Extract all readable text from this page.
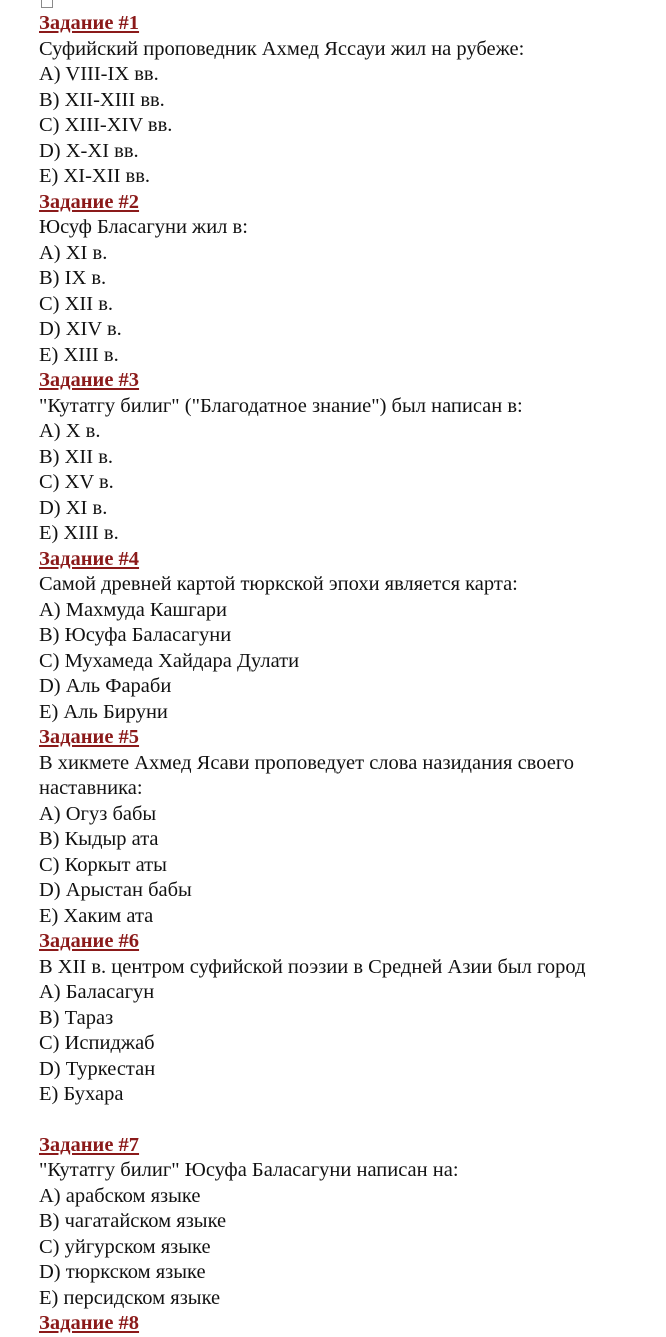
Задание #1
Суфийский проповедник Ахмед Яссауи жил на рубеже:
A) VIII-IX вв.
B) XII-XIII вв.
C) XIII-XIV вв.
D) X-XI вв.
E) XI-XII вв.
Задание #2
Юсуф Бласагуни жил в:
A) XI в.
B) IX в.
C) XII в.
D) XIV в.
E) XIII в.
Задание #3
"Кутатгу билиг" ("Благодатное знание") был написан в:
A) X в.
B) XII в.
C) XV в.
D) XI в.
E) XIII в.
Задание #4
Самой древней картой тюркской эпохи является карта:
A) Махмуда Кашгари
B) Юсуфа Баласагуни
C) Мухамеда Хайдара Дулати
D) Аль Фараби
E) Аль Бируни
Задание #5
В хикмете Ахмед Ясави проповедует слова назидания своего наставника:
A) Огуз бабы
B) Кыдыр ата
C) Коркыт аты
D) Арыстан бабы
E) Хаким ата
Задание #6
В XII в. центром суфийской поэзии в Средней Азии был город
A) Баласагун
B) Тараз
C) Испиджаб
D) Туркестан
E) Бухара
Задание #7
"Кутатгу билиг" Юсуфа Баласагуни написан на:
A) арабском языке
B) чагатайском языке
C) уйгурском языке
D) тюркском языке
E) персидском языке
Задание #8
